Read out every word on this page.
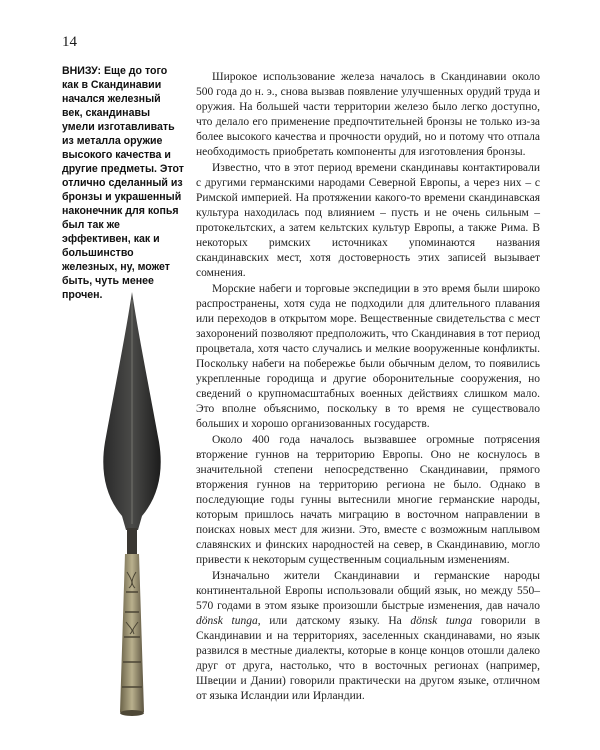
14
ВНИЗУ: Еще до того как в Скандинавии начался железный век, скандинавы умели изготавливать из металла оружие высокого качества и другие предметы. Этот отлично сделанный из бронзы и украшенный наконечник для копья был так же эффективен, как и большинство железных, ну, может быть, чуть менее прочен.

Широкое использование железа началось в Скандинавии около 500 года до н. э., снова вызвав появление улучшенных орудий труда и оружия. На большей части территории железо было легко доступно, что делало его применение предпочтительней бронзы не только из-за более высокого качества и прочности орудий, но и потому что отпала необходимость приобретать компоненты для изготовления бронзы.

Известно, что в этот период времени скандинавы контактировали с другими германскими народами Северной Европы, а через них – с Римской империей. На протяжении какого-то времени скандинавская культура находилась под влиянием – пусть и не очень сильным – протокельтских, а затем кельтских культур Европы, а также Рима. В некоторых римских источниках упоминаются названия скандинавских мест, хотя достоверность этих записей вызывает сомнения.

Морские набеги и торговые экспедиции в это время были широко распространены, хотя суда не подходили для длительного плавания или переходов в открытом море. Вещественные свидетельства с мест захоронений позволяют предположить, что Скандинавия в тот период процветала, хотя часто случались и мелкие вооруженные конфликты. Поскольку набеги на побережье были обычным делом, то появились укрепленные городища и другие оборонительные сооружения, но сведений о крупномасштабных военных действиях слишком мало. Это вполне объяснимо, поскольку в то время не существовало больших и хорошо организованных государств.

Около 400 года началось вызвавшее огромные потрясения вторжение гуннов на территорию Европы. Оно не коснулось в значительной степени непосредственно Скандинавии, прямого вторжения гуннов на территорию региона не было. Однако в последующие годы гунны вытеснили многие германские народы, которым пришлось начать миграцию в восточном направлении в поисках новых мест для жизни. Это, вместе с возможным наплывом славянских и финских народностей на север, в Скандинавию, могло привести к некоторым существенным социальным изменениям.

Изначально жители Скандинавии и германские народы континентальной Европы использовали общий язык, но между 550–570 годами в этом языке произошли быстрые изменения, дав начало dönsk tunga, или датскому языку. На dönsk tunga говорили в Скандинавии и на территориях, заселенных скандинавами, но язык развился в местные диалекты, которые в конце концов отошли далеко друг от друга, настолько, что в восточных регионах (например, Швеции и Дании) говорили практически на другом языке, отличном от языка Исландии или Ирландии.
